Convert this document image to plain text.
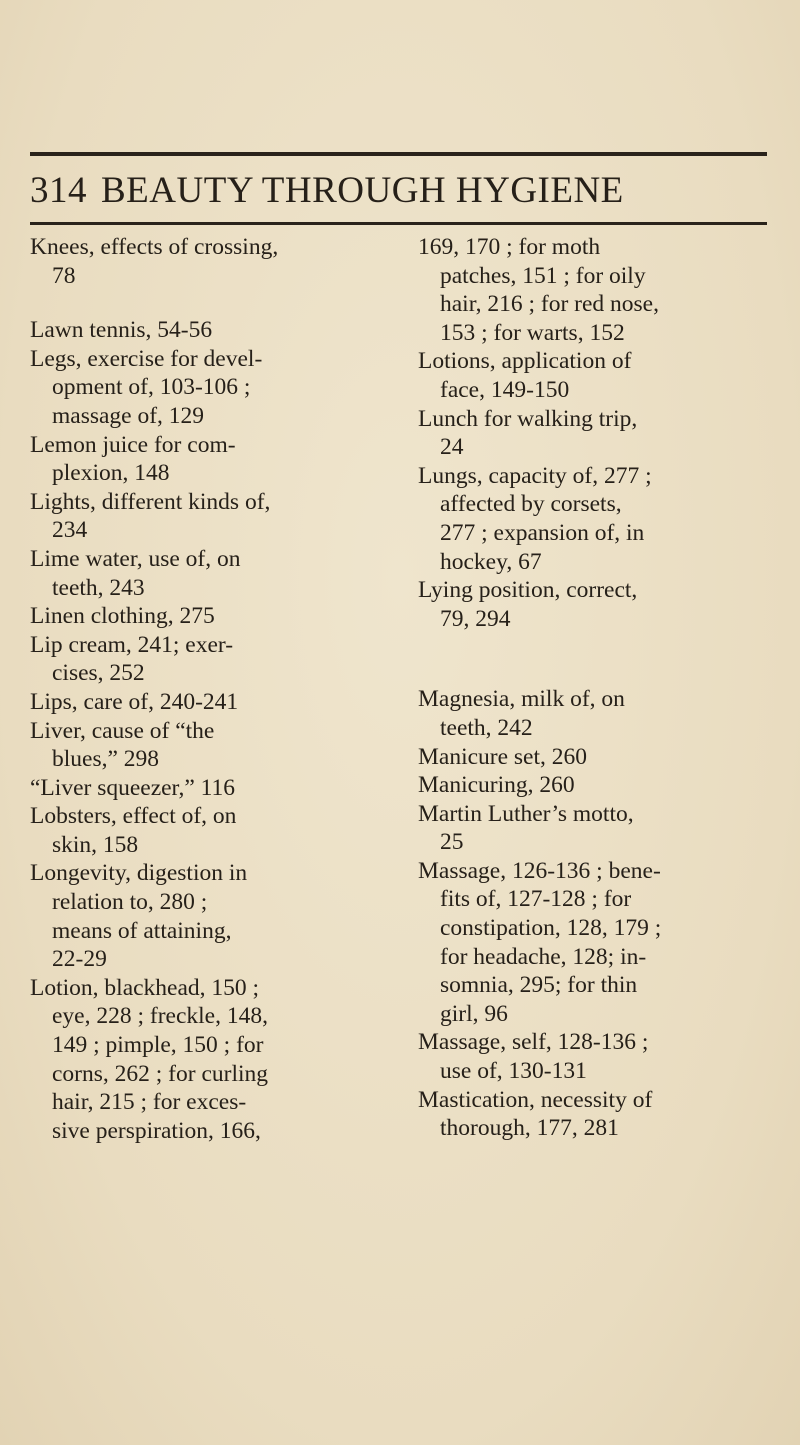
314 BEAUTY THROUGH HYGIENE
Knees, effects of crossing,
78
Lawn tennis, 54-56
Legs, exercise for devel-
opment of, 103-106 ;
massage of, 129
Lemon juice for com-
plexion, 148
Lights, different kinds of,
234
Lime water, use of, on
teeth, 243
Linen clothing, 275
Lip cream, 241; exer-
cises, 252
Lips, care of, 240-241
Liver, cause of “the
blues,” 298
“Liver squeezer,” 116
Lobsters, effect of, on
skin, 158
Longevity, digestion in
relation to, 280 ;
means of attaining,
22-29
Lotion, blackhead, 150 ;
eye, 228 ; freckle, 148,
149 ; pimple, 150 ; for
corns, 262 ; for curling
hair, 215 ; for exces-
sive perspiration, 166,
169, 170 ; for moth
patches, 151 ; for oily
hair, 216 ; for red nose,
153 ; for warts, 152
Lotions, application of
face, 149-150
Lunch for walking trip,
24
Lungs, capacity of, 277 ;
affected by corsets,
277 ; expansion of, in
hockey, 67
Lying position, correct,
79, 294
Magnesia, milk of, on
teeth, 242
Manicure set, 260
Manicuring, 260
Martin Luther’s motto,
25
Massage, 126-136 ; bene-
fits of, 127-128 ; for
constipation, 128, 179 ;
for headache, 128; in-
somnia, 295; for thin
girl, 96
Massage, self, 128-136 ;
use of, 130-131
Mastication, necessity of
thorough, 177, 281
